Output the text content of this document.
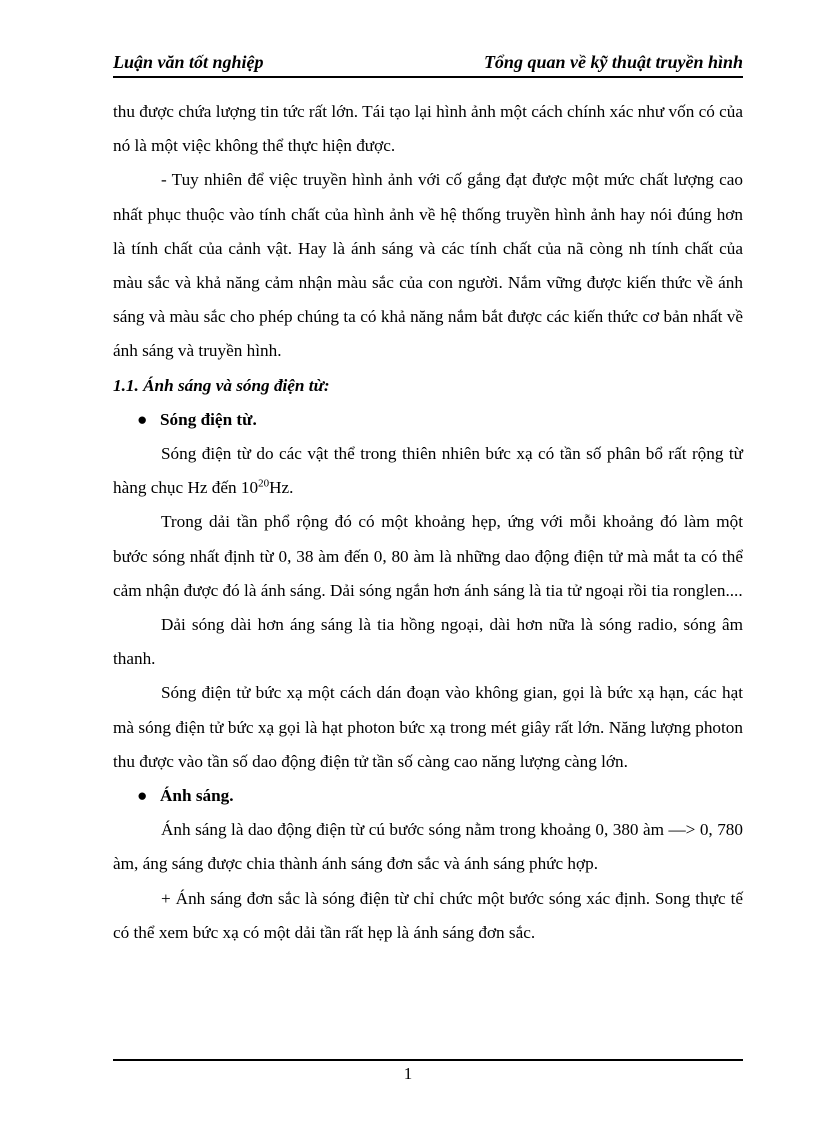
Luận văn tốt nghiệp	Tổng quan về kỹ thuật truyền hình

thu được chứa lượng tin tức rất lớn. Tái tạo lại hình ảnh một cách chính xác như vốn có của nó là một việc không thể thực hiện được.

- Tuy nhiên để việc truyền hình ảnh với cố gắng đạt được một mức chất lượng cao nhất phục thuộc vào tính chất của hình ảnh về hệ thống truyền hình ảnh hay nói đúng hơn là tính chất của cảnh vật. Hay là ánh sáng và các tính chất của nã còng nh tính chất của màu sắc và khả năng cảm nhận màu sắc của con người. Nắm vững được kiến thức về ánh sáng và màu sắc cho phép chúng ta có khả năng nắm bắt được các kiến thức cơ bản nhất về ánh sáng và truyền hình.

1.1. Ánh sáng và sóng điện từ:

● Sóng điện từ.

Sóng điện từ do các vật thể trong thiên nhiên bức xạ có tần số phân bổ rất rộng từ hàng chục Hz đến $10^{20}Hz$.

Trong dải tần phổ rộng đó có một khoảng hẹp, ứng với mỗi khoảng đó làm một bước sóng nhất định từ 0, 38 àm đến 0, 80 àm là những dao động điện tử mà mắt ta có thể cảm nhận được đó là ánh sáng. Dải sóng ngắn hơn ánh sáng là tia tử ngoại rồi tia ronglen....

Dải sóng dài hơn áng sáng là tia hồng ngoại, dài hơn nữa là sóng radio, sóng âm thanh.

Sóng điện tử bức xạ một cách dán đoạn vào không gian, gọi là bức xạ hạn, các hạt mà sóng điện tử bức xạ gọi là hạt photon bức xạ trong mét giây rất lớn. Năng lượng photon thu được vào tần số dao động điện tử tần số càng cao năng lượng càng lớn.

● Ánh sáng.

Ánh sáng là dao động điện từ cú bước sóng nằm trong khoảng 0, 380 àm —> 0, 780 àm, áng sáng được chia thành ánh sáng đơn sắc và ánh sáng phức hợp.

+ Ánh sáng đơn sắc là sóng điện từ chỉ chức một bước sóng xác định. Song thực tế có thể xem bức xạ có một dải tần rất hẹp là ánh sáng đơn sắc.

1
